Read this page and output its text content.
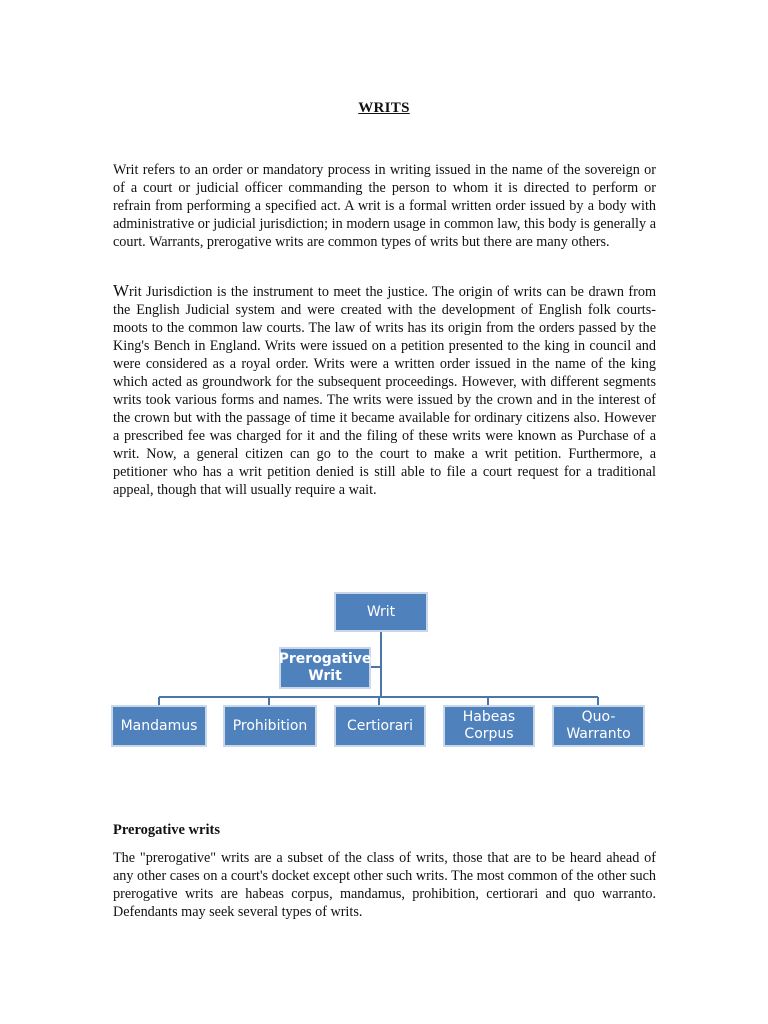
WRITS

Writ refers to an order or mandatory process in writing issued in the name of the sovereign or of a court or judicial officer commanding the person to whom it is directed to perform or refrain from performing a specified act. A writ is a formal written order issued by a body with administrative or judicial jurisdiction; in modern usage in common law, this body is generally a court. Warrants, prerogative writs are common types of writs but there are many others.

Writ Jurisdiction is the instrument to meet the justice. The origin of writs can be drawn from the English Judicial system and were created with the development of English folk courts-moots to the common law courts. The law of writs has its origin from the orders passed by the King's Bench in England. Writs were issued on a petition presented to the king in council and were considered as a royal order. Writs were a written order issued in the name of the king which acted as groundwork for the subsequent proceedings. However, with different segments writs took various forms and names. The writs were issued by the crown and in the interest of the crown but with the passage of time it became available for ordinary citizens also. However a prescribed fee was charged for it and the filing of these writs were known as Purchase of a writ. Now, a general citizen can go to the court to make a writ petition. Furthermore, a petitioner who has a writ petition denied is still able to file a court request for a traditional appeal, though that will usually require a wait.

Writ
Prerogative Writ
Mandamus	Prohibition	Certiorari
Habeas Corpus
Quo-Warranto
Prerogative writs

The "prerogative" writs are a subset of the class of writs, those that are to be heard ahead of any other cases on a court's docket except other such writs. The most common of the other such prerogative writs are habeas corpus, mandamus, prohibition, certiorari and quo warranto. Defendants may seek several types of writs.
